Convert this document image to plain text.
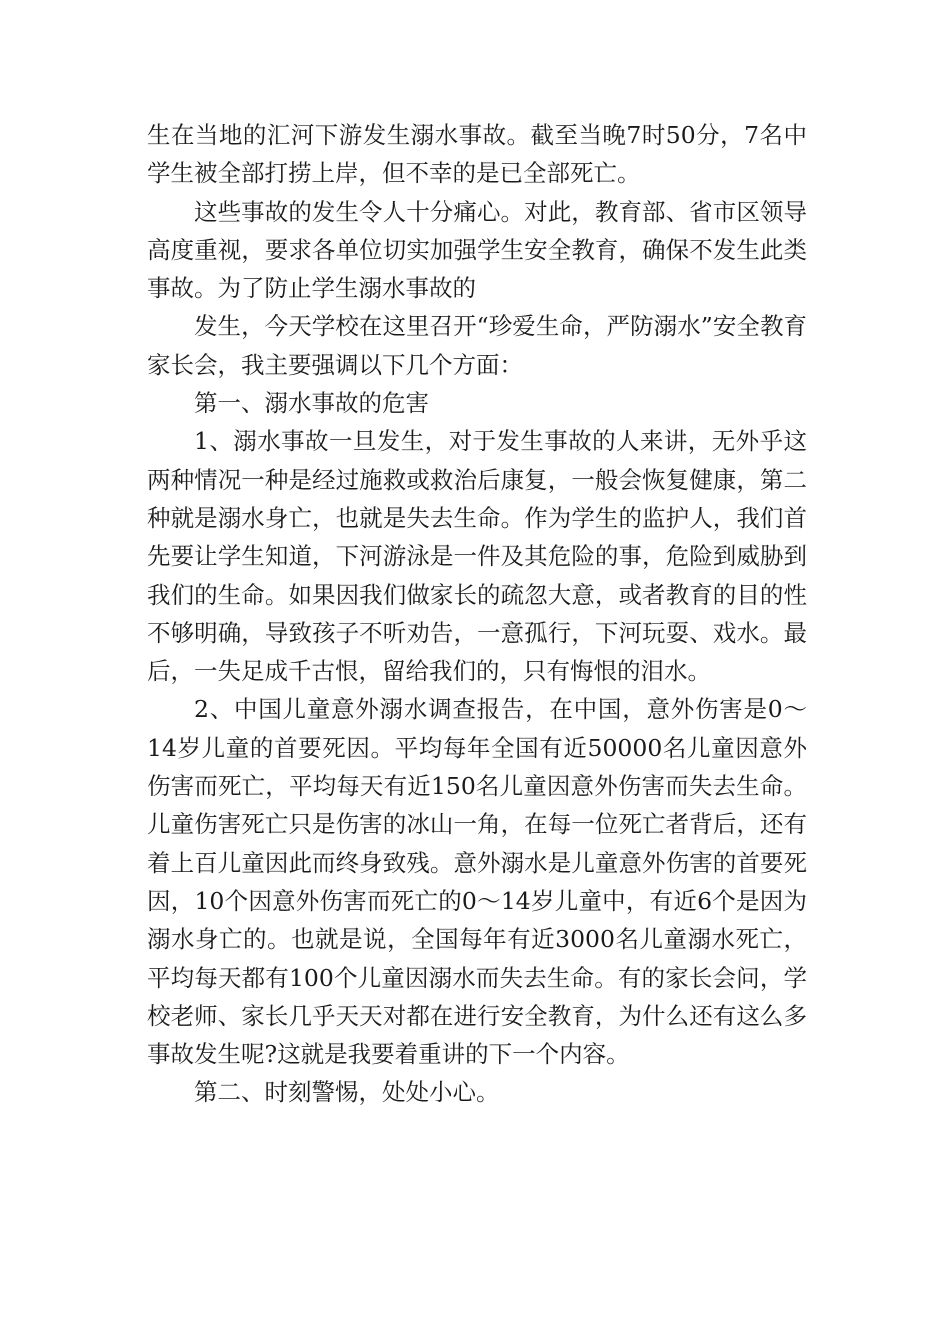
生在当地的汇河下游发生溺水事故。截至当晚7时50分，7名中学生被全部打捞上岸，但不幸的是已全部死亡。

这些事故的发生令人十分痛心。对此，教育部、省市区领导高度重视，要求各单位切实加强学生安全教育，确保不发生此类事故。为了防止学生溺水事故的

发生，今天学校在这里召开“珍爱生命，严防溺水”安全教育家长会，我主要强调以下几个方面：

第一、溺水事故的危害

1、溺水事故一旦发生，对于发生事故的人来讲，无外乎这两种情况一种是经过施救或救治后康复，一般会恢复健康，第二种就是溺水身亡，也就是失去生命。作为学生的监护人，我们首先要让学生知道，下河游泳是一件及其危险的事，危险到威胁到我们的生命。如果因我们做家长的疏忽大意，或者教育的目的性不够明确，导致孩子不听劝告，一意孤行，下河玩耍、戏水。最后，一失足成千古恨，留给我们的，只有悔恨的泪水。

2、中国儿童意外溺水调查报告，在中国，意外伤害是0～14岁儿童的首要死因。平均每年全国有近50000名儿童因意外伤害而死亡，平均每天有近150名儿童因意外伤害而失去生命。儿童伤害死亡只是伤害的冰山一角，在每一位死亡者背后，还有着上百儿童因此而终身致残。意外溺水是儿童意外伤害的首要死因，10个因意外伤害而死亡的0～14岁儿童中，有近6个是因为溺水身亡的。也就是说，全国每年有近3000名儿童溺水死亡，平均每天都有100个儿童因溺水而失去生命。有的家长会问，学校老师、家长几乎天天对都在进行安全教育，为什么还有这么多事故发生呢?这就是我要着重讲的下一个内容。

第二、时刻警惕，处处小心。
